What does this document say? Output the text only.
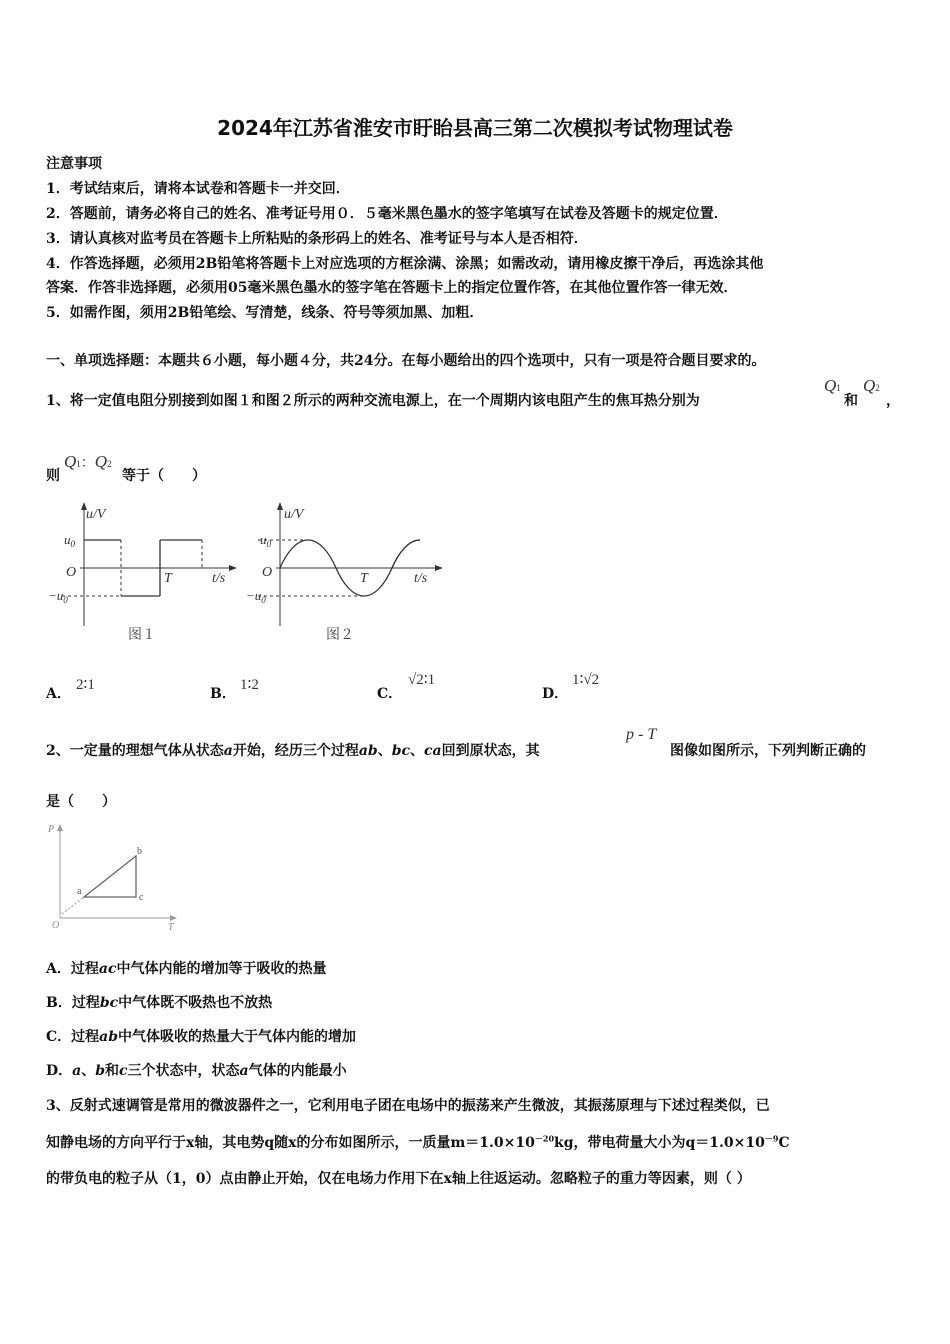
2024年江苏省淮安市盱眙县高三第二次模拟考试物理试卷
注意事项
1．考试结束后，请将本试卷和答题卡一并交回．
2．答题前，请务必将自己的姓名、准考证号用０．５毫米黑色墨水的签字笔填写在试卷及答题卡的规定位置．
3．请认真核对监考员在答题卡上所粘贴的条形码上的姓名、准考证号与本人是否相符．
4．作答选择题，必须用2B铅笔将答题卡上对应选项的方框涂满、涂黑；如需改动，请用橡皮擦干净后，再选涂其他
答案．作答非选择题，必须用05毫米黑色墨水的签字笔在答题卡上的指定位置作答，在其他位置作答一律无效．
5．如需作图，须用2B铅笔绘、写清楚，线条、符号等须加黑、加粗．
一、单项选择题：本题共６小题，每小题４分，共24分。在每小题给出的四个选项中，只有一项是符合题目要求的。
1、将一定值电阻分别接到如图１和图２所示的两种交流电源上，在一个周期内该电阻产生的焦耳热分别为
Q1
和
Q2
，
则
Q1：Q2
等于（　　）
u/V
$u_0$
O
$-u_0$
T	t/s
图１
u/V
$u_0$
O
$-u_0$
T	t/s
图２
A．
2∶1
B．
1∶2
C．
√2∶1
D．
1∶√2
2、一定量的理想气体从状态a开始，经历三个过程ab、bc、ca回到原状态，其
p - T
图像如图所示，下列判断正确的
是（　　）
P
O	T
a
b
c
A．过程ac中气体内能的增加等于吸收的热量
B．过程bc中气体既不吸热也不放热
C．过程ab中气体吸收的热量大于气体内能的增加
D．a、b和c三个状态中，状态a气体的内能最小
3、反射式速调管是常用的微波器件之一，它利用电子团在电场中的振荡来产生微波，其振荡原理与下述过程类似，已
知静电场的方向平行于x轴，其电势q随x的分布如图所示，一质量$m=1.0\times 10^{-20}kg$，带电荷量大小为$q=1.0\times 10^{-9}C$
的带负电的粒子从（1，0）点由静止开始，仅在电场力作用下在x轴上往返运动。忽略粒子的重力等因素，则（ ）
